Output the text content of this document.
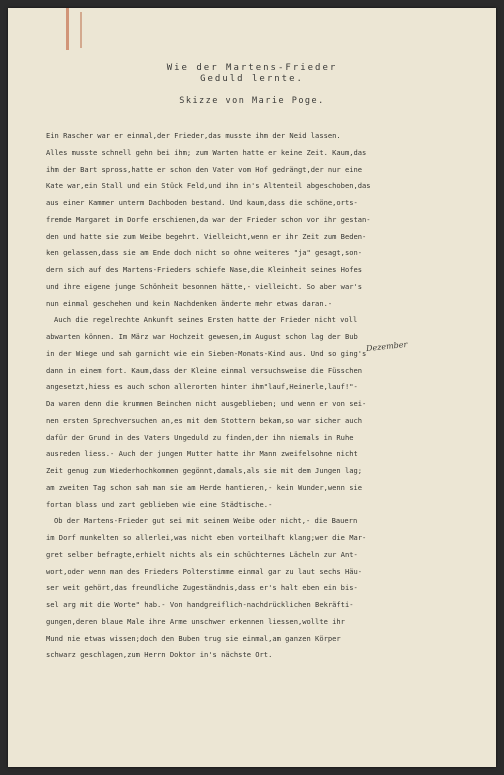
Wie der Martens-Frieder
Geduld lernte.
Skizze von Marie Poge.
Dezember
Ein Rascher war er einmal,der Frieder,das musste ihm der Neid lassen.
Alles musste schnell gehn bei ihm; zum Warten hatte er keine Zeit. Kaum,das
ihm der Bart spross,hatte er schon den Vater vom Hof gedrängt,der nur eine
Kate war,ein Stall und ein Stück Feld,und ihn in's Altenteil abgeschoben,das
aus einer Kammer unterm Dachboden bestand. Und kaum,dass die schöne,orts-
fremde Margaret im Dorfe erschienen,da war der Frieder schon vor ihr gestan-
den und hatte sie zum Weibe begehrt. Vielleicht,wenn er ihr Zeit zum Beden-
ken gelassen,dass sie am Ende doch nicht so ohne weiteres "ja" gesagt,son-
dern sich auf des Martens-Frieders schiefe Nase,die Kleinheit seines Hofes
und ihre eigene junge Schönheit besonnen hätte,- vielleicht. So aber war's
nun einmal geschehen und kein Nachdenken änderte mehr etwas daran.-
Auch die regelrechte Ankunft seines Ersten hatte der Frieder nicht voll
abwarten können. Im März war Hochzeit gewesen,im August schon lag der Bub
in der Wiege und sah garnicht wie ein Sieben-Monats-Kind aus. Und so ging's
dann in einem fort. Kaum,dass der Kleine einmal versuchsweise die Füsschen
angesetzt,hiess es auch schon allerorten hinter ihm"lauf,Heinerle,lauf!"-
Da waren denn die krummen Beinchen nicht ausgeblieben; und wenn er von sei-
nen ersten Sprechversuchen an,es mit dem Stottern bekam,so war sicher auch
dafür der Grund in des Vaters Ungeduld zu finden,der ihn niemals in Ruhe
ausreden liess.- Auch der jungen Mutter hatte ihr Mann zweifelsohne nicht
Zeit genug zum Wiederhochkommen gegönnt,damals,als sie mit dem Jungen lag;
am zweiten Tag schon sah man sie am Herde hantieren,- kein Wunder,wenn sie
fortan blass und zart geblieben wie eine Städtische.-
Ob der Martens-Frieder gut sei mit seinem Weibe oder nicht,- die Bauern
im Dorf munkelten so allerlei,was nicht eben vorteilhaft klang;wer die Mar-
gret selber befragte,erhielt nichts als ein schüchternes Lächeln zur Ant-
wort,oder wenn man des Frieders Polterstimme einmal gar zu laut sechs Häu-
ser weit gehört,das freundliche Zugeständnis,dass er's halt eben ein bis-
sel arg mit die Worte" hab.- Von handgreiflich-nachdrücklichen Bekräfti-
gungen,deren blaue Male ihre Arme unschwer erkennen liessen,wollte ihr
Mund nie etwas wissen;doch den Buben trug sie einmal,am ganzen Körper
schwarz geschlagen,zum Herrn Doktor in's nächste Ort.
